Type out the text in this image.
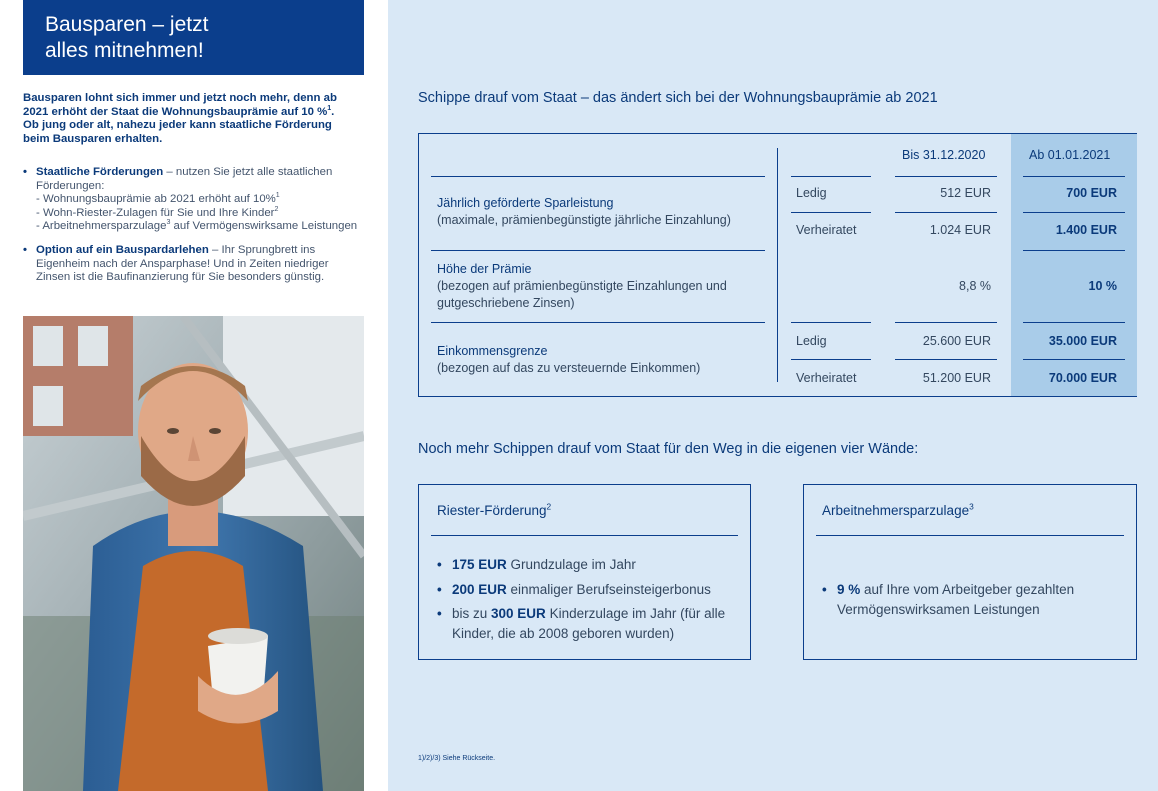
Bausparen – jetzt
alles mitnehmen!
Bausparen lohnt sich immer und jetzt noch mehr, denn ab
2021 erhöht der Staat die Wohnungsbauprämie auf 10 %$^1$.
Ob jung oder alt, nahezu jeder kann staatliche Förderung
beim Bausparen erhalten.
• Staatliche Förderungen – nutzen Sie jetzt alle staatlichen
Förderungen:
- Wohnungsbauprämie ab 2021 erhöht auf 10%$^1$
- Wohn-Riester-Zulagen für Sie und Ihre Kinder$^2$
- Arbeitnehmersparzulage$^3$ auf Vermögenswirksame Leistungen
• Option auf ein Bauspardarlehen – Ihr Sprungbrett ins
Eigenheim nach der Ansparphase! Und in Zeiten niedriger
Zinsen ist die Baufinanzierung für Sie besonders günstig.
Schippe drauf vom Staat – das ändert sich bei der Wohnungsbauprämie ab 2021
Bis 31.12.2020	Ab 01.01.2021
Jährlich geförderte Sparleistung
(maximale, prämienbegünstigte jährliche Einzahlung)
Ledig	512 EUR	700 EUR
Verheiratet	1.024 EUR	1.400 EUR
Höhe der Prämie
(bezogen auf prämienbegünstigte Einzahlungen und
gutgeschriebene Zinsen)
8,8 %	10 %
Einkommensgrenze
(bezogen auf das zu versteuernde Einkommen)
Ledig	25.600 EUR	35.000 EUR
Verheiratet	51.200 EUR	70.000 EUR
Noch mehr Schippen drauf vom Staat für den Weg in die eigenen vier Wände:
Riester-Förderung$^2$
• 175 EUR Grundzulage im Jahr
• 200 EUR einmaliger Berufseinsteigerbonus
• bis zu 300 EUR Kinderzulage im Jahr (für alle
Kinder, die ab 2008 geboren wurden)
Arbeitnehmersparzulage$^3$
• 9 % auf Ihre vom Arbeitgeber gezahlten
Vermögenswirksamen Leistungen
1)/2)/3) Siehe Rückseite.
